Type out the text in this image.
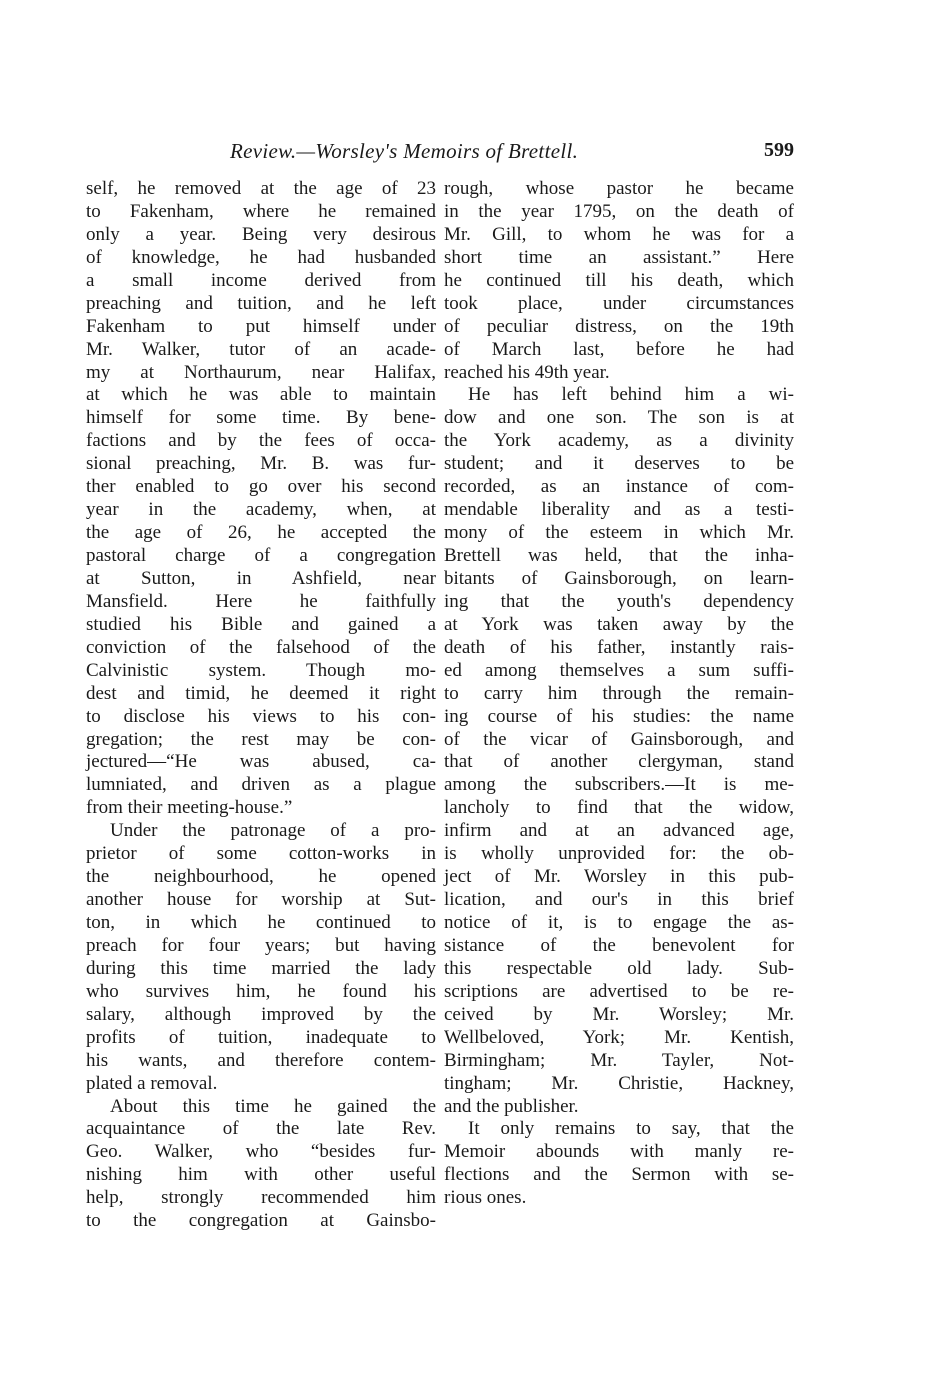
Review.—Worsley's Memoirs of Brettell.	599
self, he removed at the age of 23
to Fakenham, where he remained
only a year. Being very desirous
of knowledge, he had husbanded
a small income derived from
preaching and tuition, and he left
Fakenham to put himself under
Mr. Walker, tutor of an acade-
my at Northaurum, near Halifax,
at which he was able to maintain
himself for some time. By bene-
factions and by the fees of occa-
sional preaching, Mr. B. was fur-
ther enabled to go over his second
year in the academy, when, at
the age of 26, he accepted the
pastoral charge of a congregation
at Sutton, in Ashfield, near
Mansfield. Here he faithfully
studied his Bible and gained a
conviction of the falsehood of the
Calvinistic system. Though mo-
dest and timid, he deemed it right
to disclose his views to his con-
gregation; the rest may be con-
jectured—“He was abused, ca-
lumniated, and driven as a plague
from their meeting-house.”
Under the patronage of a pro-
prietor of some cotton-works in
the neighbourhood, he opened
another house for worship at Sut-
ton, in which he continued to
preach for four years; but having
during this time married the lady
who survives him, he found his
salary, although improved by the
profits of tuition, inadequate to
his wants, and therefore contem-
plated a removal.
About this time he gained the
acquaintance of the late Rev.
Geo. Walker, who “besides fur-
nishing him with other useful
help, strongly recommended him
to the congregation at Gainsbo-
rough, whose pastor he became
in the year 1795, on the death of
Mr. Gill, to whom he was for a
short time an assistant.” Here
he continued till his death, which
took place, under circumstances
of peculiar distress, on the 19th
of March last, before he had
reached his 49th year.
He has left behind him a wi-
dow and one son. The son is at
the York academy, as a divinity
student; and it deserves to be
recorded, as an instance of com-
mendable liberality and as a testi-
mony of the esteem in which Mr.
Brettell was held, that the inha-
bitants of Gainsborough, on learn-
ing that the youth's dependency
at York was taken away by the
death of his father, instantly rais-
ed among themselves a sum suffi-
to carry him through the remain-
ing course of his studies: the name
of the vicar of Gainsborough, and
that of another clergyman, stand
among the subscribers.—It is me-
lancholy to find that the widow,
infirm and at an advanced age,
is wholly unprovided for: the ob-
ject of Mr. Worsley in this pub-
lication, and our's in this brief
notice of it, is to engage the as-
sistance of the benevolent for
this respectable old lady. Sub-
scriptions are advertised to be re-
ceived by Mr. Worsley; Mr.
Wellbeloved, York; Mr. Kentish,
Birmingham; Mr. Tayler, Not-
tingham; Mr. Christie, Hackney,
and the publisher.
It only remains to say, that the
Memoir abounds with manly re-
flections and the Sermon with se-
rious ones.
